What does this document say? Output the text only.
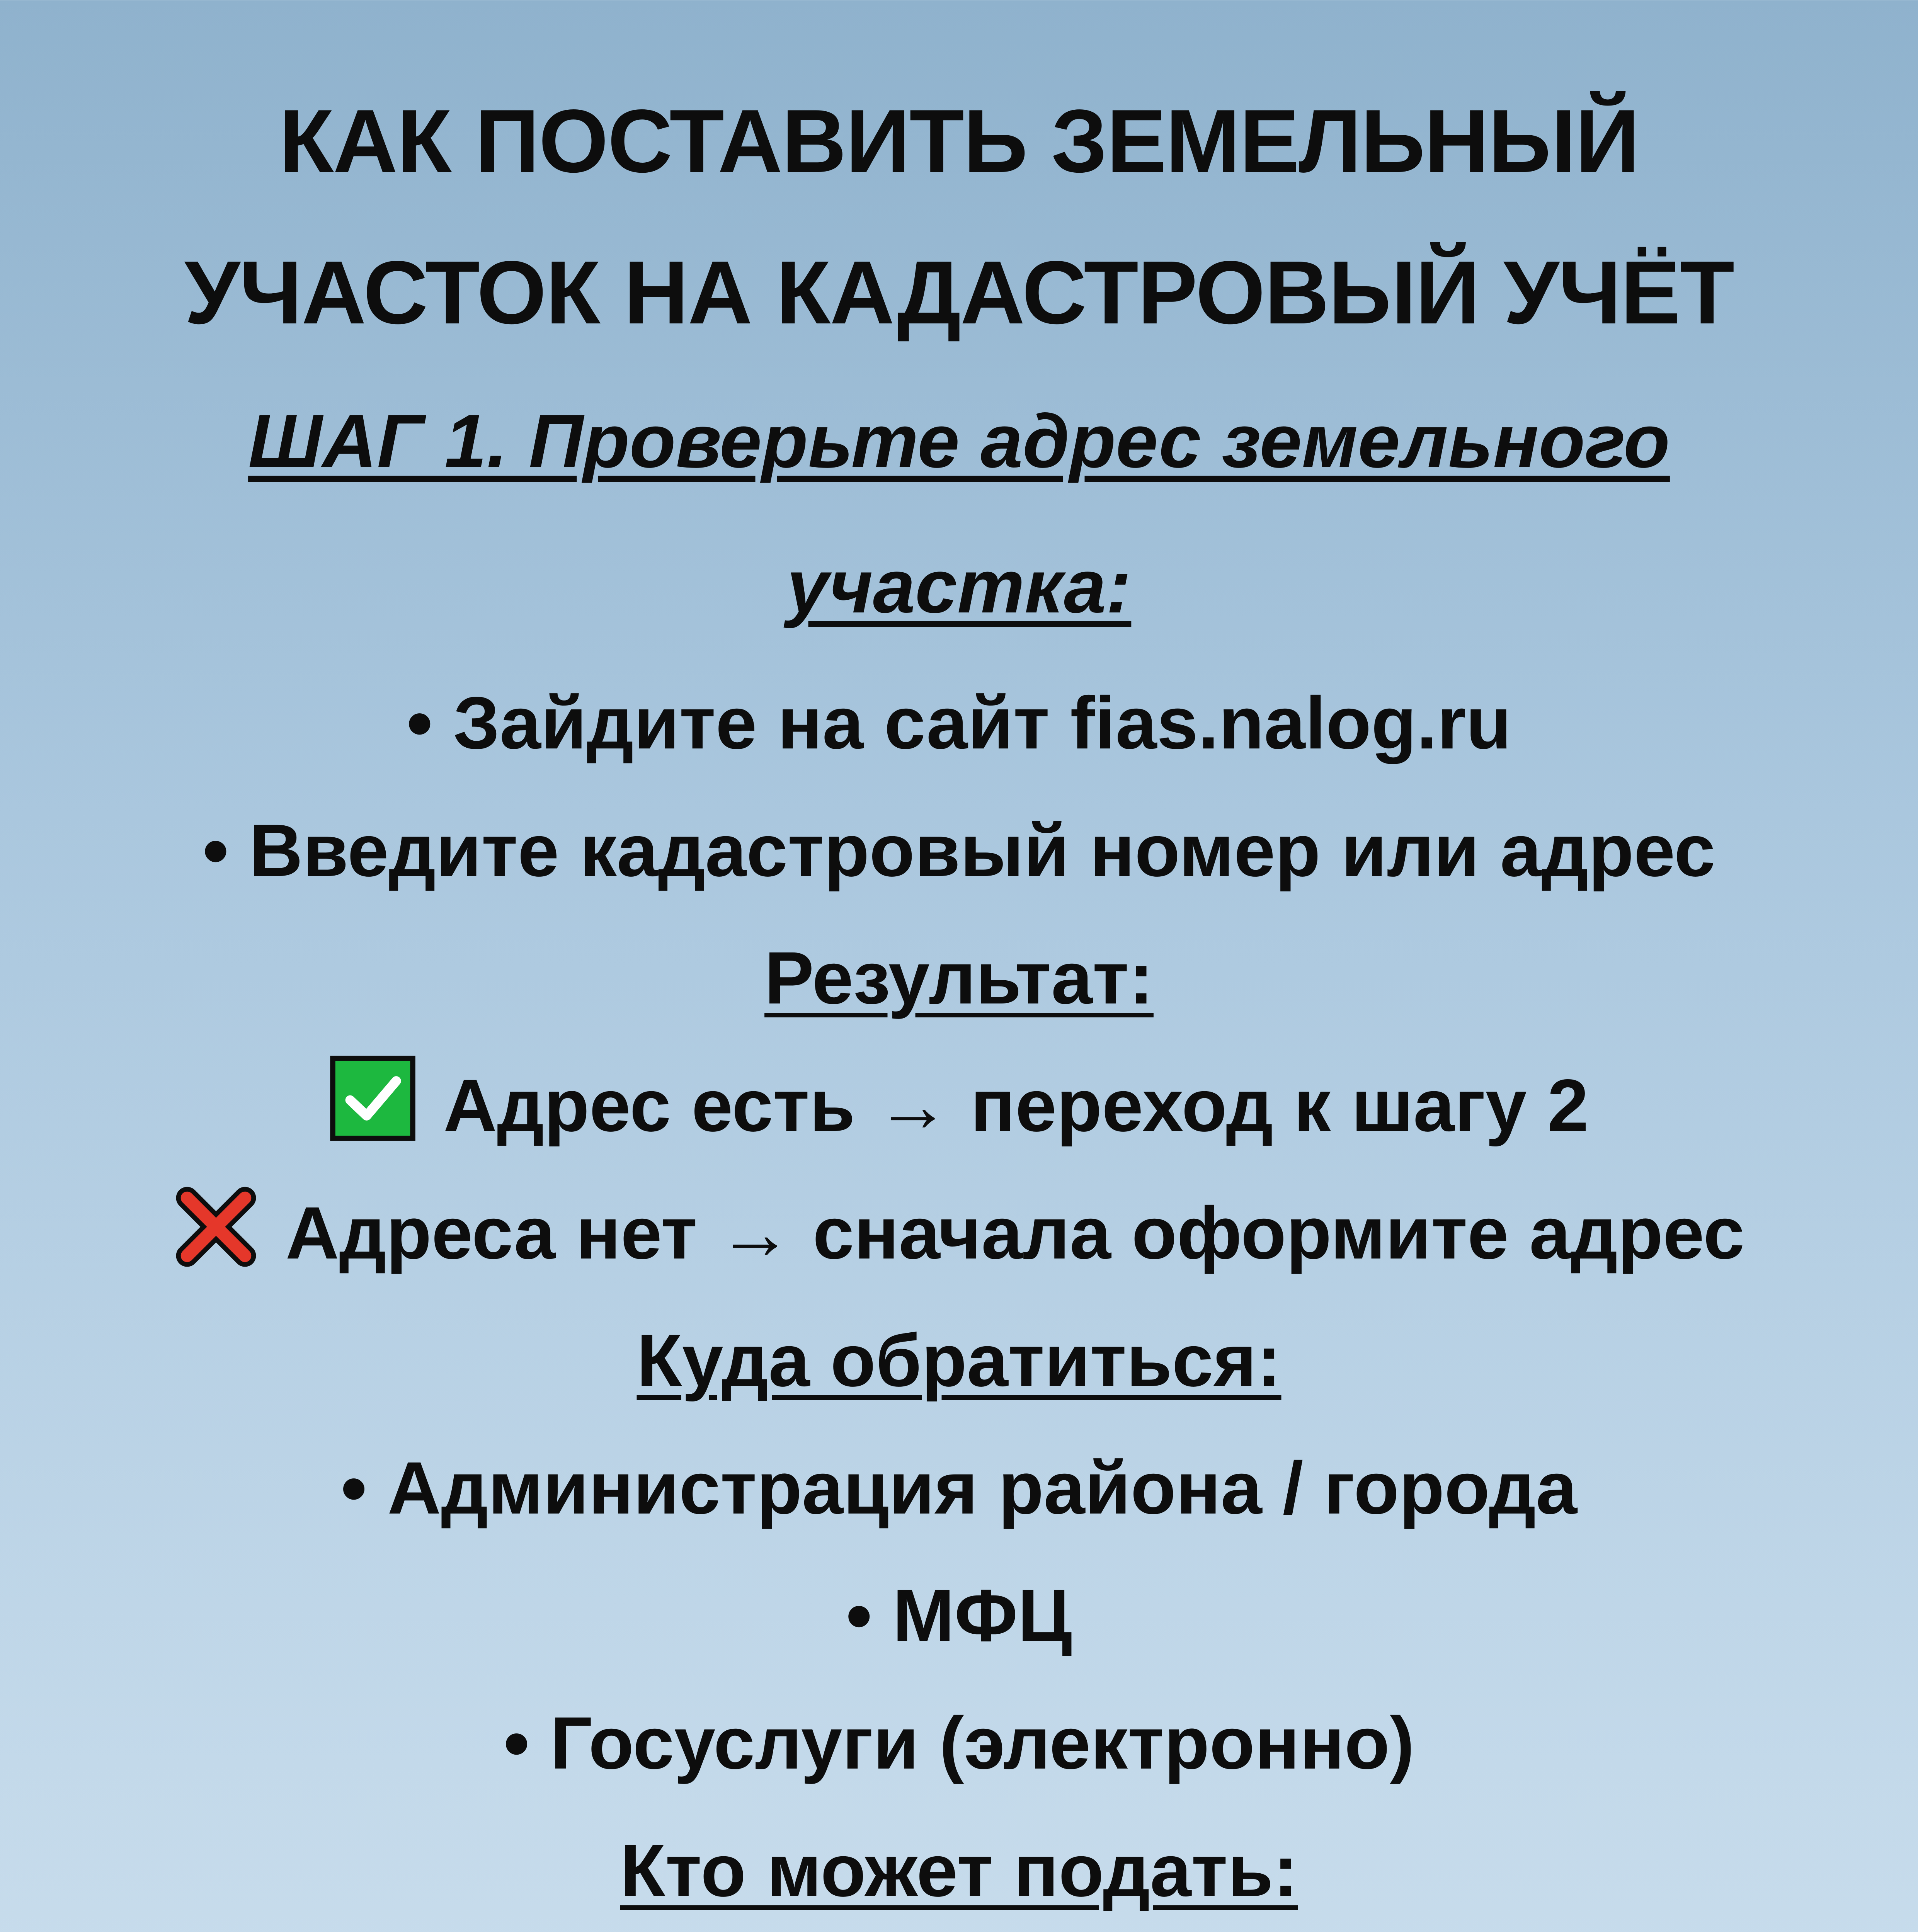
КАК ПОСТАВИТЬ ЗЕМЕЛЬНЫЙ
УЧАСТОК НА КАДАСТРОВЫЙ УЧЁТ

ШАГ 1. Проверьте адрес земельного участка:

• Зайдите на сайт fias.nalog.ru

• Введите кадастровый номер или адрес

Результат:

Адрес есть → переход к шагу 2

Адреса нет → сначала оформите адрес

Куда обратиться:

• Администрация района / города

• МФЦ

• Госуслуги (электронно)

Кто может подать:
